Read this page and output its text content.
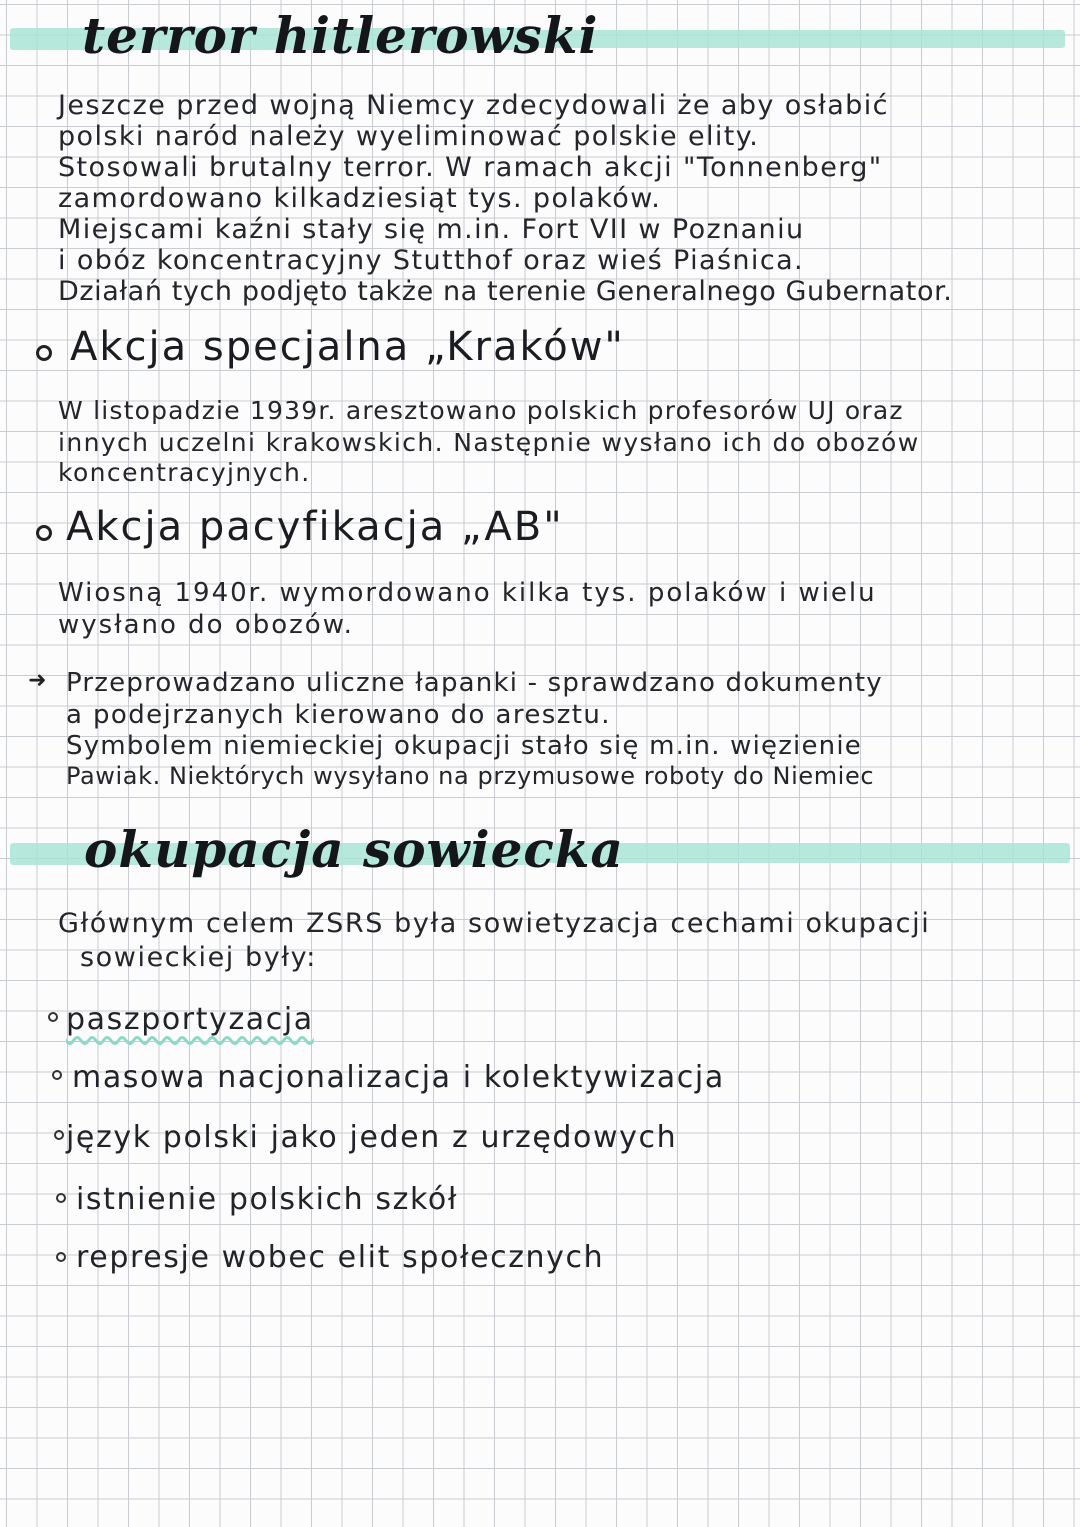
terror hitlerowski
Jeszcze przed wojną Niemcy zdecydowali że aby osłabić
polski naród należy wyeliminować polskie elity.
Stosowali brutalny terror. W ramach akcji "Tonnenberg"
zamordowano kilkadziesiąt tys. polaków.
Miejscami kaźni stały się m.in. Fort VII w Poznaniu
i obóz koncentracyjny Stutthof oraz wieś Piaśnica.
Działań tych podjęto także na terenie Generalnego Gubernator.
Akcja specjalna „Kraków"
W listopadzie 1939r. aresztowano polskich profesorów UJ oraz
innych uczelni krakowskich. Następnie wysłano ich do obozów
koncentracyjnych.
Akcja pacyfikacja „AB"
Wiosną 1940r. wymordowano kilka tys. polaków i wielu
wysłano do obozów.
➜ Przeprowadzano uliczne łapanki - sprawdzano dokumenty
a podejrzanych kierowano do aresztu.
Symbolem niemieckiej okupacji stało się m.in. więzienie
Pawiak. Niektórych wysyłano na przymusowe roboty do Niemiec
okupacja sowiecka
Głównym celem ZSRS była sowietyzacja cechami okupacji
sowieckiej były:
paszportyzacja
masowa nacjonalizacja i kolektywizacja
język polski jako jeden z urzędowych
istnienie polskich szkół
represje wobec elit społecznych
